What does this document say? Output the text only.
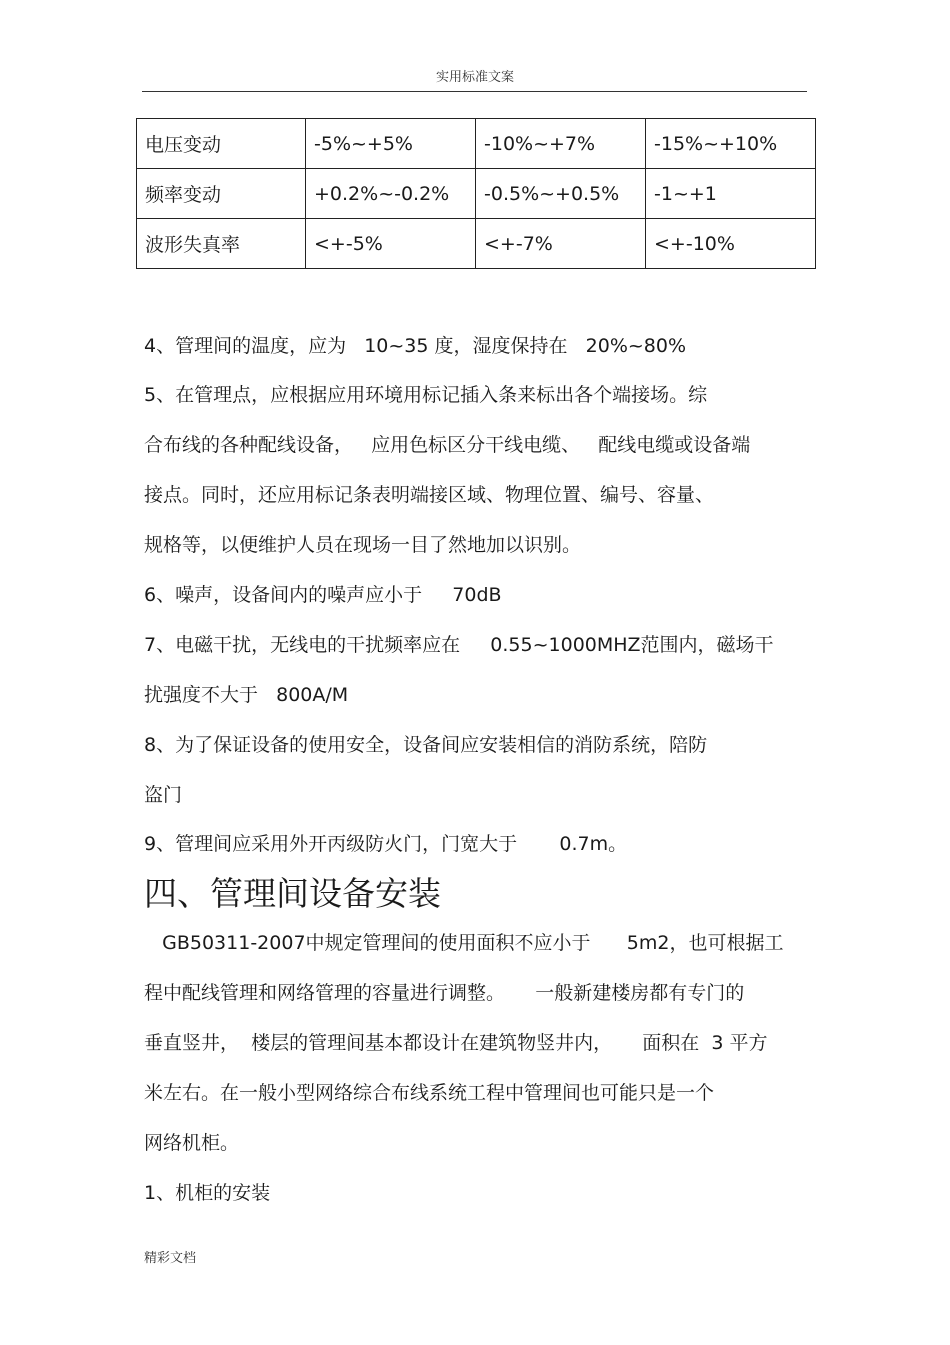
实用标准文案
电压变动	-5%~+5%	-10%~+7%	-15%~+10%
频率变动	+0.2%~-0.2%	-0.5%~+0.5%	-1~+1
波形失真率	<+-5%	<+-7%	<+-10%
4、管理间的温度，应为   10~35 度，湿度保持在   20%~80%
5、在管理点，应根据应用环境用标记插入条来标出各个端接场。综
合布线的各种配线设备，   应用色标区分干线电缆、   配线电缆或设备端
接点。同时，还应用标记条表明端接区域、物理位置、编号、容量、
规格等，以便维护人员在现场一目了然地加以识别。
6、噪声，设备间内的噪声应小于     70dB
7、电磁干扰，无线电的干扰频率应在     0.55~1000MHZ范围内，磁场干
扰强度不大于   800A/M
8、为了保证设备的使用安全，设备间应安装相信的消防系统，陪防
盗门
9、管理间应采用外开丙级防火门，门宽大于       0.7m。
四、管理间设备安装
GB50311-2007中规定管理间的使用面积不应小于      5m2，也可根据工
程中配线管理和网络管理的容量进行调整。     一般新建楼房都有专门的
垂直竖井，  楼层的管理间基本都设计在建筑物竖井内，     面积在  3 平方
米左右。在一般小型网络综合布线系统工程中管理间也可能只是一个
网络机柜。
1、机柜的安装
精彩文档
